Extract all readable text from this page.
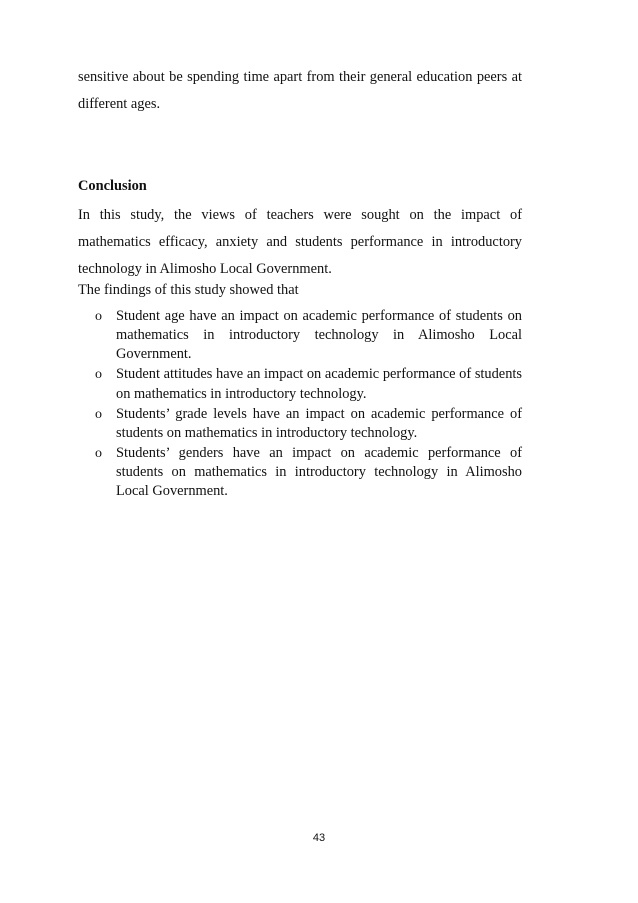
sensitive about be spending time apart from their general education peers at different ages.

Conclusion

In this study, the views of teachers were sought on the impact of mathematics efficacy, anxiety and students performance in introductory technology in Alimosho Local Government.

The findings of this study showed that

o Student age have an impact on academic performance of students on mathematics in introductory technology in Alimosho Local Government.
o Student attitudes have an impact on academic performance of students on mathematics in introductory technology.
o Students’ grade levels have an impact on academic performance of students on mathematics in introductory technology.
o Students’ genders have an impact on academic performance of students on mathematics in introductory technology in Alimosho Local Government.

43
